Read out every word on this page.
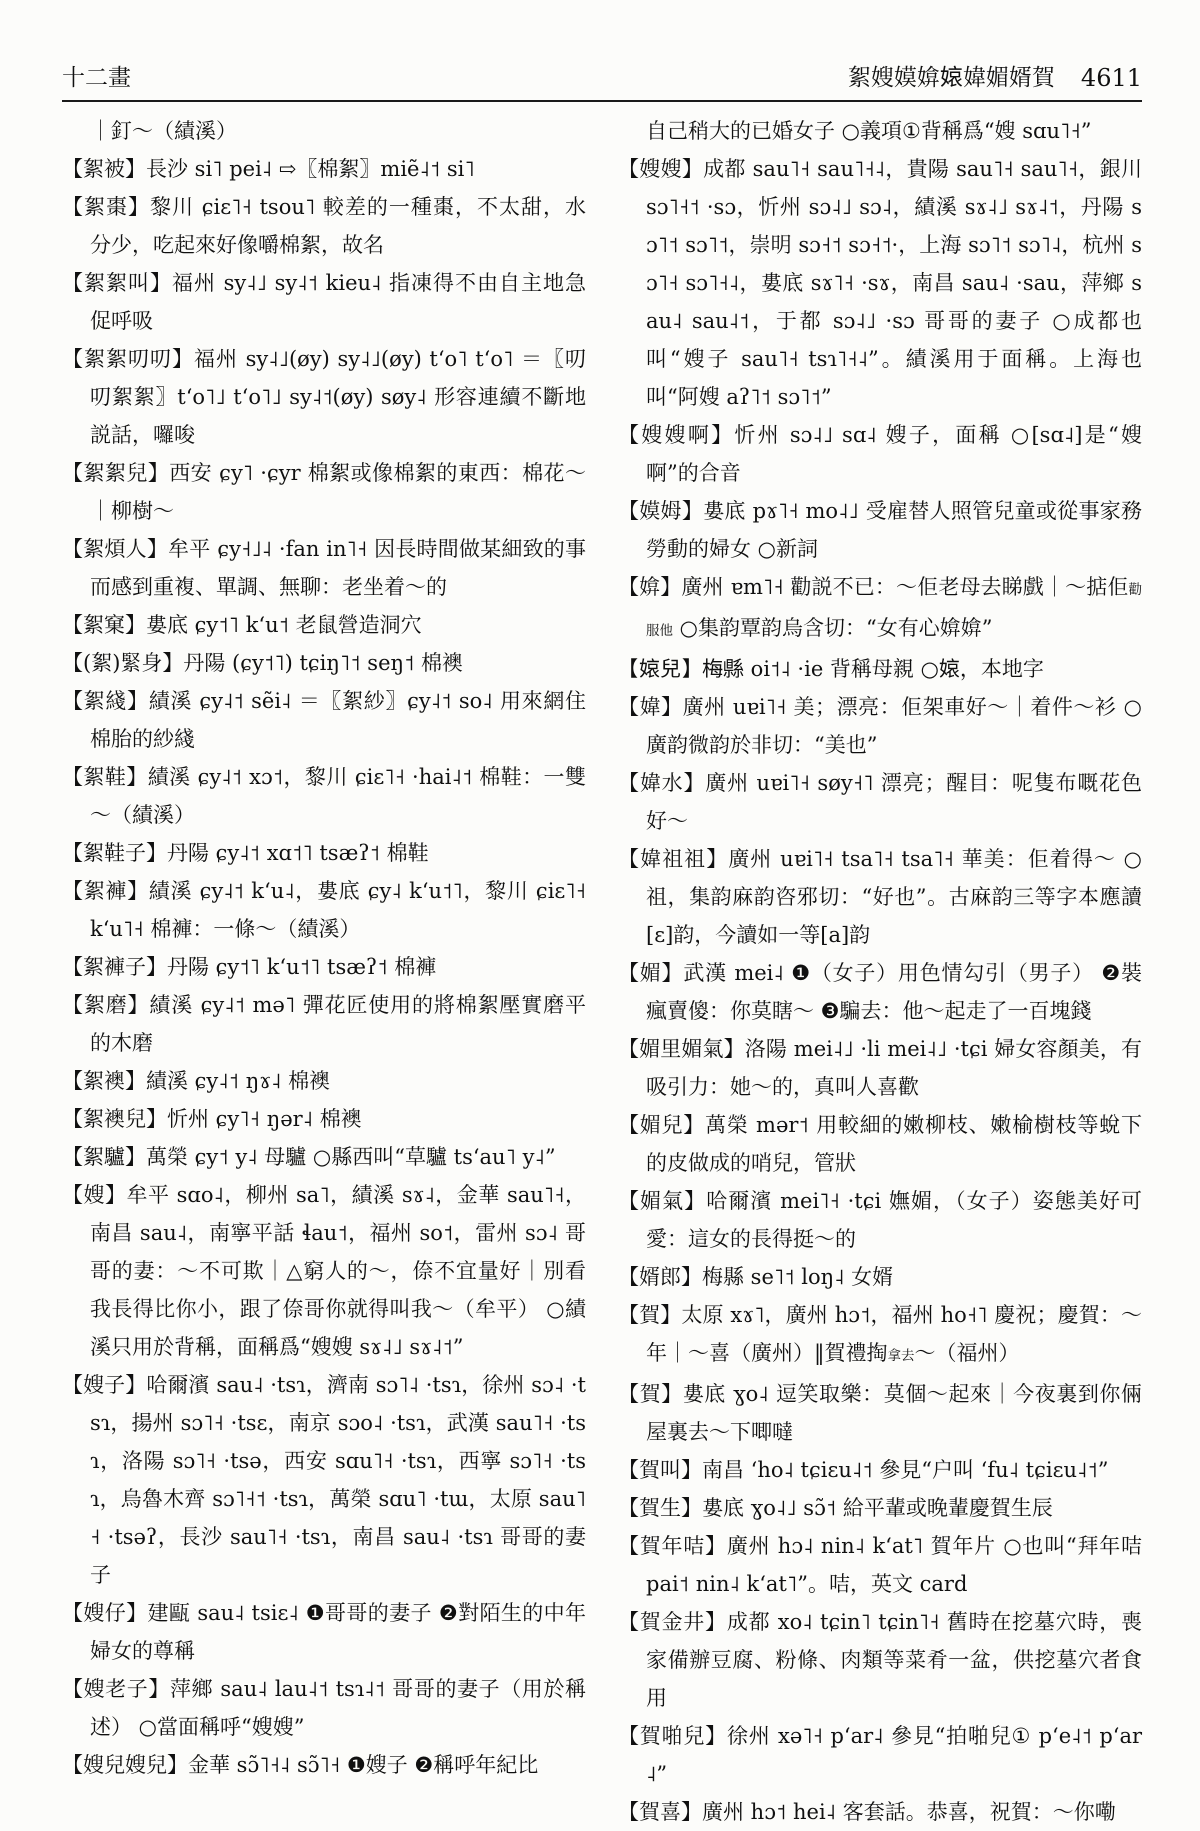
十二畫	絮嫂嫫媕𡟓媁媚婿賀 4611
｜釘～（績溪）
【絮被】長沙 si˥ pei˨ ⇨〖棉絮〗miẽ˨˦ si˥
【絮棗】黎川 ɕiɛ˥˧ tsou˥ 較差的一種棗，不太甜，水分少，吃起來好像嚼棉絮，故名
【絮絮叫】福州 sy˨˩ sy˨˦ kieu˨ 指凍得不由自主地急促呼吸
【絮絮叨叨】福州 sy˨˩(øy) sy˨˩(øy) tʻo˥ tʻo˥ ＝〖叨叨絮絮〗tʻo˥˩ tʻo˥˩ sy˨˦(øy) søy˨ 形容連續不斷地説話，囉唆
【絮絮兒】西安 ɕy˥ ·ɕyr 棉絮或像棉絮的東西：棉花～｜柳樹～
【絮煩人】牟平 ɕy˧˩˨ ·fan in˥˧ 因長時間做某細致的事而感到重複、單調、無聊：老坐着～的
【絮窠】婁底 ɕy˦˥ kʻu˦ 老鼠營造洞穴
【(絮)緊身】丹陽 (ɕy˦˥) tɕiŋ˥˦ seŋ˦ 棉襖
【絮綫】績溪 ɕy˨˦ sẽi˨ ＝〖絮紗〗ɕy˨˦ so˨ 用來網住棉胎的紗綫
【絮鞋】績溪 ɕy˨˦ xɔ˦，黎川 ɕiɛ˥˧ ·hai˨˦ 棉鞋：一雙～（績溪）
【絮鞋子】丹陽 ɕy˨˦ xɑ˦˥ tsæʔ˦ 棉鞋
【絮褲】績溪 ɕy˨˦ kʻu˨，婁底 ɕy˨ kʻu˦˥，黎川 ɕiɛ˥˧ kʻu˥˧ 棉褲：一條～（績溪）
【絮褲子】丹陽 ɕy˦˥ kʻu˦˥ tsæʔ˦ 棉褲
【絮磨】績溪 ɕy˨˦ mə˥ 彈花匠使用的將棉絮壓實磨平的木磨
【絮襖】績溪 ɕy˨˦ ŋɤ˨ 棉襖
【絮襖兒】忻州 ɕy˥˧ ŋər˨ 棉襖
【絮驢】萬榮 ɕy˦ y˨ 母驢 ○縣西叫“草驢 tsʻau˥ y˨”
【嫂】牟平 sɑo˨，柳州 sa˥，績溪 sɤ˨，金華 sau˥˧，南昌 sau˨，南寧平話 ɬau˦，福州 so˦，雷州 sɔ˨ 哥哥的妻：～不可欺｜△窮人的～，倷不宜量好｜別看我長得比你小，跟了倷哥你就得叫我～（牟平） ○績溪只用於背稱，面稱爲“嫂嫂 sɤ˨˩ sɤ˨˦”
【嫂子】哈爾濱 sau˨ ·tsɿ，濟南 sɔ˥˨ ·tsɿ，徐州 sɔ˨ ·tsɿ，揚州 sɔ˥˧ ·tsɛ，南京 sɔo˨ ·tsɿ，武漢 sau˥˧ ·tsɿ，洛陽 sɔ˥˧ ·tsə，西安 sɑu˥˧ ·tsɿ，西寧 sɔ˥˧ ·tsɿ，烏魯木齊 sɔ˥˧˦ ·tsɿ，萬榮 sɑu˥ ·tɯ，太原 sau˥˧ ·tsəʔ，長沙 sau˥˧ ·tsɿ，南昌 sau˨ ·tsɿ 哥哥的妻子
【嫂仔】建甌 sau˨ tsiɛ˨ ❶哥哥的妻子 ❷對陌生的中年婦女的尊稱
【嫂老子】萍鄉 sau˨ lau˨˦ tsɿ˨˦ 哥哥的妻子（用於稱述） ○當面稱呼“嫂嫂”
【嫂兒嫂兒】金華 sɔ̃˥˧˨ sɔ̃˥˧ ❶嫂子 ❷稱呼年紀比
自己稍大的已婚女子 ○義項①背稱爲“嫂 sɑu˥˧”
【嫂嫂】成都 sau˥˧ sau˥˧˨，貴陽 sau˥˧ sau˥˧，銀川 sɔ˥˧˦ ·sɔ，忻州 sɔ˨˩ sɔ˨，績溪 sɤ˨˩ sɤ˨˦，丹陽 sɔ˥˦ sɔ˥˦，崇明 sɔ˧˦ sɔ˧˦·，上海 sɔ˥˦ sɔ˥˨，杭州 sɔ˥˧ sɔ˥˧˨，婁底 sɤ˥˧ ·sɤ，南昌 sau˨ ·sau，萍鄉 sau˨ sau˨˦，于都 sɔ˨˩ ·sɔ 哥哥的妻子 ○成都也叫“嫂子 sau˥˧ tsɿ˥˧˨”。績溪用于面稱。上海也叫“阿嫂 aʔ˥˦ sɔ˥˦”
【嫂嫂啊】忻州 sɔ˨˩ sɑ˨ 嫂子，面稱 ○[sɑ˨]是“嫂啊”的合音
【嫫姆】婁底 pɤ˥˧ mo˨˩ 受雇替人照管兒童或從事家務勞動的婦女 ○新詞
【媕】廣州 ɐm˥˧ 勸説不已：～佢老母去睇戲｜～掂佢勸服他 ○集韵覃韵烏含切：“女有心媕媕”
【𡟓兒】梅縣 oi˦˨ ·ie 背稱母親 ○𡟓，本地字
【媁】廣州 uɐi˥˧ 美；漂亮：佢架車好～｜着件～衫 ○廣韵微韵於非切：“美也”
【媁水】廣州 uɐi˥˧ søy˧˥ 漂亮；醒目：呢隻布嘅花色好～
【媁祖祖】廣州 uɐi˥˧ tsa˥˧ tsa˥˧ 華美：佢着得～ ○祖，集韵麻韵咨邪切：“好也”。古麻韵三等字本應讀[ɛ]韵，今讀如一等[a]韵
【媚】武漢 mei˨ ❶（女子）用色情勾引（男子） ❷裝瘋賣傻：你莫瞎～ ❸騙去：他～起走了一百塊錢
【媚里媚氣】洛陽 mei˨˩ ·li mei˨˩ ·tɕi 婦女容顏美，有吸引力：她～的，真叫人喜歡
【媚兒】萬榮 mər˦ 用較細的嫩柳枝、嫩榆樹枝等蛻下的皮做成的哨兒，管狀
【媚氣】哈爾濱 mei˥˧ ·tɕi 嫵媚，（女子）姿態美好可愛：這女的長得挺～的
【婿郎】梅縣 se˥˦ loŋ˨ 女婿
【賀】太原 xɤ˥，廣州 hɔ˦，福州 ho˧˥ 慶祝；慶賀：～年｜～喜（廣州）‖賀禮掏拿去～（福州）
【賀】婁底 ɣo˨ 逗笑取樂：莫個～起來｜今夜裏到你倆屋裏去～下唧噠
【賀叫】南昌 ʻho˨ tɕiɛu˨˦ 參見“户叫 ʻfu˨ tɕiɛu˨˦”
【賀生】婁底 ɣo˨˩ sɔ̃˦ 給平輩或晚輩慶賀生辰
【賀年咭】廣州 hɔ˨ nin˨ kʻat˥ 賀年片 ○也叫“拜年咭 pai˦ nin˨ kʻat˥”。咭，英文 card
【賀金井】成都 xo˨ tɕin˥ tɕin˥˧ 舊時在挖墓穴時，喪家備辦豆腐、粉條、肉類等菜肴一盆，供挖墓穴者食用
【賀啪兒】徐州 xə˥˧ pʻar˨ 參見“拍啪兒① pʻe˨˦ pʻar˨”
【賀喜】廣州 hɔ˦ hei˨ 客套話。恭喜，祝賀：～你嘞
